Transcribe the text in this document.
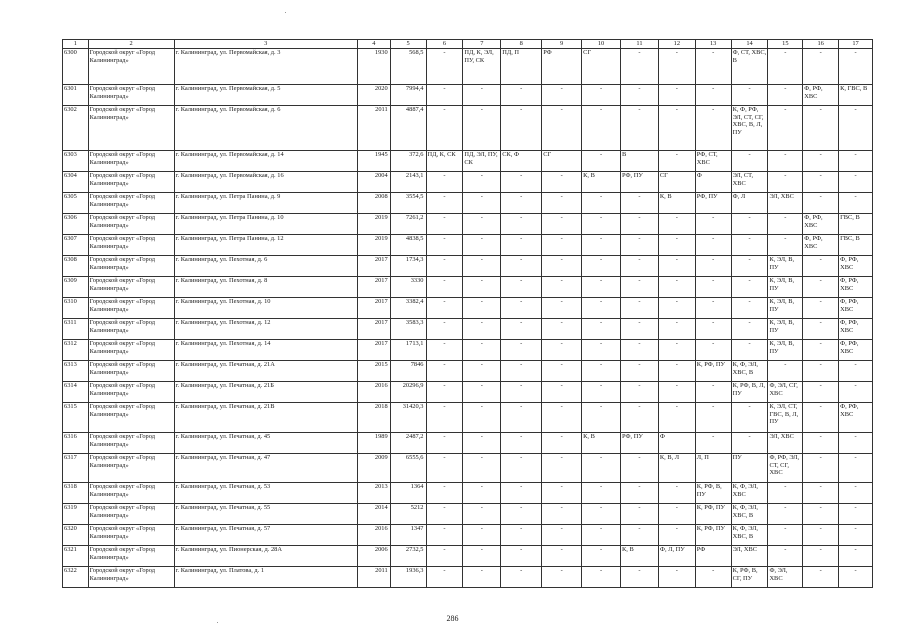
1	2	3	4	5	6	7	8	9	10	11	12	13	14	15	16	17
6300	Городской округ «Город Калининград»	г. Калининград, ул. Первомайская, д. 3	1930	568,5	-	ПД, К, ЭЛ, ПУ, СК	ПД, П	РФ	СГ	-	-	-	Ф, СТ, ХВС, В	-	-	-
6301	Городской округ «Город Калининград»	г. Калининград, ул. Первомайская, д. 5	2020	7994,4	-	-	-	-	-	-	-	-	-	-	Ф, РФ, ХВС	К, ГВС, В
6302	Городской округ «Город Калининград»	г. Калининград, ул. Первомайская, д. 6	2011	4887,4	-	-	-	-	-	-	-	-	К, Ф, РФ, ЭЛ, СТ, СГ, ХВС, В, Л, ПУ	-	-	-
6303	Городской округ «Город Калининград»	г. Калининград, ул. Первомайская, д. 14	1945	372,6	ПД, К, СК	ПД, ЭЛ, ПУ, СК	СК, Ф	СГ	-	В	-	РФ, СТ, ХВС	-	-	-	-
6304	Городской округ «Город Калининград»	г. Калининград, ул. Первомайская, д. 16	2004	2143,1	-	-	-	-	К, В	РФ, ПУ	СГ	Ф	ЭЛ, СТ, ХВС	-	-	-
6305	Городской округ «Город Калининград»	г. Калининград, ул. Петра Панина, д. 9	2008	3554,5	-	-	-	-	-	-	К, В	РФ, ПУ	Ф, Л	ЭЛ, ХВС	-	-
6306	Городской округ «Город Калининград»	г. Калининград, ул. Петра Панина, д. 10	2019	7261,2	-	-	-	-	-	-	-	-	-	-	Ф, РФ, ХВС	ГВС, В
6307	Городской округ «Город Калининград»	г. Калининград, ул. Петра Панина, д. 12	2019	4838,5	-	-	-	-	-	-	-	-	-	-	Ф, РФ, ХВС	ГВС, В
6308	Городской округ «Город Калининград»	г. Калининград, ул. Пехотная, д. 6	2017	1734,3	-	-	-	-	-	-	-	-	-	К, ЭЛ, В, ПУ	-	Ф, РФ, ХВС
6309	Городской округ «Город Калининград»	г. Калининград, ул. Пехотная, д. 8	2017	3330	-	-	-	-	-	-	-	-	-	К, ЭЛ, В, ПУ	-	Ф, РФ, ХВС
6310	Городской округ «Город Калининград»	г. Калининград, ул. Пехотная, д. 10	2017	3382,4	-	-	-	-	-	-	-	-	-	К, ЭЛ, В, ПУ	-	Ф, РФ, ХВС
6311	Городской округ «Город Калининград»	г. Калининград, ул. Пехотная, д. 12	2017	3583,3	-	-	-	-	-	-	-	-	-	К, ЭЛ, В, ПУ	-	Ф, РФ, ХВС
6312	Городской округ «Город Калининград»	г. Калининград, ул. Пехотная, д. 14	2017	1713,1	-	-	-	-	-	-	-	-	-	К, ЭЛ, В, ПУ	-	Ф, РФ, ХВС
6313	Городской округ «Город Калининград»	г. Калининград, ул. Печатная, д. 21А	2015	7846	-	-	-	-	-	-	-	К, РФ, ПУ	К, Ф, ЭЛ, ХВС, В	-	-	-
6314	Городской округ «Город Калининград»	г. Калининград, ул. Печатная, д. 21Б	2016	20296,9	-	-	-	-	-	-	-	-	К, РФ, В, Л, ПУ	Ф, ЭЛ, СГ, ХВС	-	-
6315	Городской округ «Город Калининград»	г. Калининград, ул. Печатная, д. 21В	2018	31420,3	-	-	-	-	-	-	-	-	-	К, ЭЛ, СТ, ГВС, В, Л, ПУ	-	Ф, РФ, ХВС
6316	Городской округ «Город Калининград»	г. Калининград, ул. Печатная, д. 45	1989	2487,2	-	-	-	-	К, В	РФ, ПУ	Ф	-	-	ЭЛ, ХВС	-	-
6317	Городской округ «Город Калининград»	г. Калининград, ул. Печатная, д. 47	2009	6555,6	-	-	-	-	-	-	К, В, Л	Л, П	ПУ	Ф, РФ, ЭЛ, СТ, СГ, ХВС	-	-
6318	Городской округ «Город Калининград»	г. Калининград, ул. Печатная, д. 53	2013	1364	-	-	-	-	-	-	-	К, РФ, В, ПУ	К, Ф, ЭЛ, ХВС	-	-	-
6319	Городской округ «Город Калининград»	г. Калининград, ул. Печатная, д. 55	2014	5212	-	-	-	-	-	-	-	К, РФ, ПУ	К, Ф, ЭЛ, ХВС, В	-	-	-
6320	Городской округ «Город Калининград»	г. Калининград, ул. Печатная, д. 57	2016	1347	-	-	-	-	-	-	-	К, РФ, ПУ	К, Ф, ЭЛ, ХВС, В	-	-	-
6321	Городской округ «Город Калининград»	г. Калининград, ул. Пионерская, д. 28А	2006	2732,5	-	-	-	-	-	К, В	Ф, Л, ПУ	РФ	ЭЛ, ХВС	-	-	-
6322	Городской округ «Город Калининград»	г. Калининград, ул. Платова, д. 1	2011	1936,3	-	-	-	-	-	-	-	-	К, РФ, В, СГ, ПУ	Ф, ЭЛ, ХВС	-	-
286
